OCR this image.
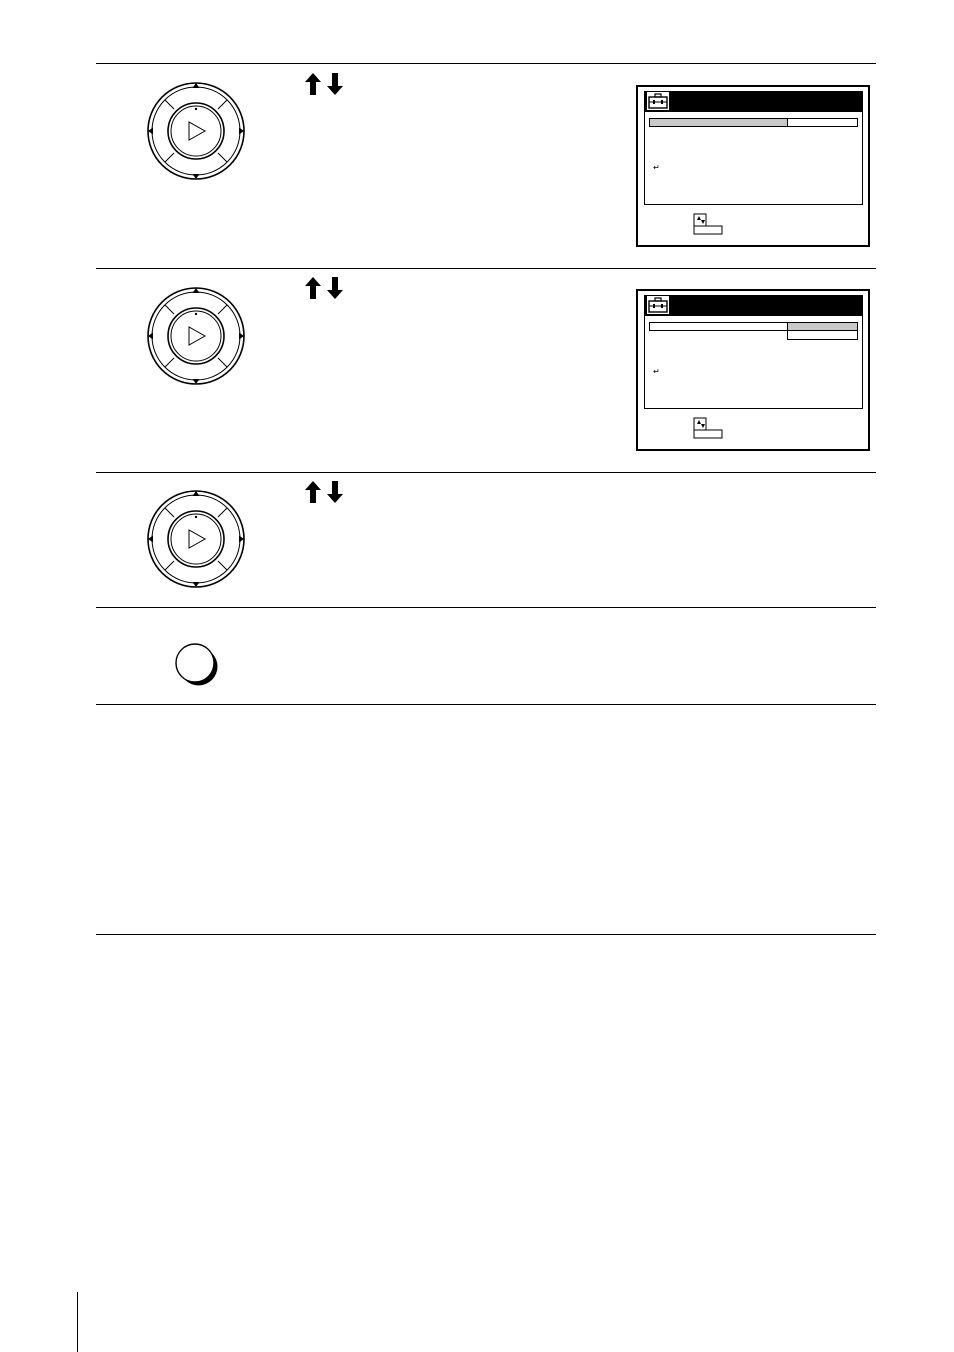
↵
↵
